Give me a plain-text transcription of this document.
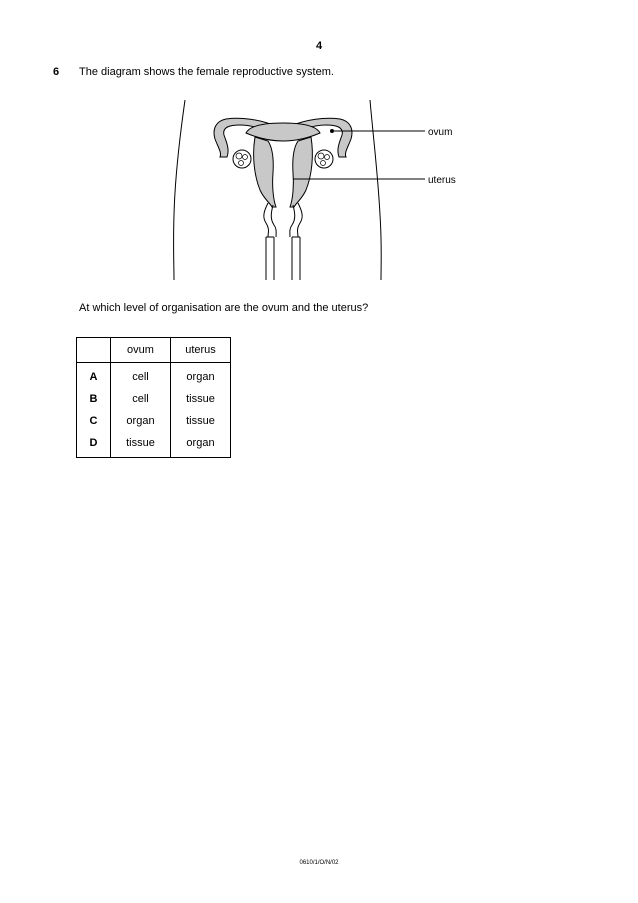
4
6 The diagram shows the female reproductive system.
ovum
uterus
At which level of organisation are the ovum and the uterus?
	ovum	uterus
A	cell	organ
B	cell	tissue
C	organ	tissue
D	tissue	organ
0610/1/O/N/02
